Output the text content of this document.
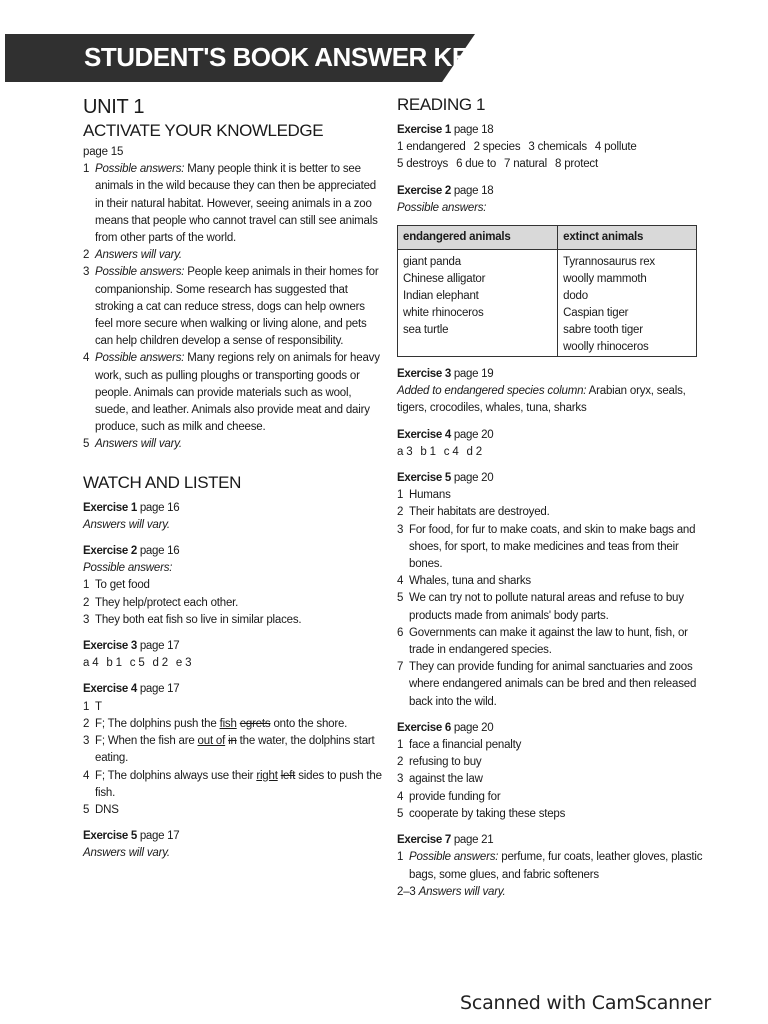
STUDENT'S BOOK ANSWER KEY
UNIT 1
ACTIVATE YOUR KNOWLEDGE
page 15
1 Possible answers: Many people think it is better to see animals in the wild because they can then be appreciated in their natural habitat. However, seeing animals in a zoo means that people who cannot travel can still see animals from other parts of the world.
2 Answers will vary.
3 Possible answers: People keep animals in their homes for companionship. Some research has suggested that stroking a cat can reduce stress, dogs can help owners feel more secure when walking or living alone, and pets can help children develop a sense of responsibility.
4 Possible answers: Many regions rely on animals for heavy work, such as pulling ploughs or transporting goods or people. Animals can provide materials such as wool, suede, and leather. Animals also provide meat and dairy produce, such as milk and cheese.
5 Answers will vary.
WATCH AND LISTEN
Exercise 1 page 16
Answers will vary.
Exercise 2 page 16
Possible answers:
1 To get food
2 They help/protect each other.
3 They both eat fish so live in similar places.
Exercise 3 page 17
a 4 b 1 c 5 d 2 e 3
Exercise 4 page 17
1 T
2 F; The dolphins push the fish egrets onto the shore.
3 F; When the fish are out of in the water, the dolphins start eating.
4 F; The dolphins always use their right left sides to push the fish.
5 DNS
Exercise 5 page 17
Answers will vary.
READING 1
Exercise 1 page 18
1 endangered 2 species 3 chemicals 4 pollute
5 destroys 6 due to 7 natural 8 protect
Exercise 2 page 18
Possible answers:
endangered animals	extinct animals
giant panda	Tyrannosaurus rex
Chinese alligator	woolly mammoth
Indian elephant	dodo
white rhinoceros	Caspian tiger
sea turtle	sabre tooth tiger
	woolly rhinoceros
Exercise 3 page 19
Added to endangered species column: Arabian oryx, seals, tigers, crocodiles, whales, tuna, sharks
Exercise 4 page 20
a 3 b 1 c 4 d 2
Exercise 5 page 20
1 Humans
2 Their habitats are destroyed.
3 For food, for fur to make coats, and skin to make bags and shoes, for sport, to make medicines and teas from their bones.
4 Whales, tuna and sharks
5 We can try not to pollute natural areas and refuse to buy products made from animals' body parts.
6 Governments can make it against the law to hunt, fish, or trade in endangered species.
7 They can provide funding for animal sanctuaries and zoos where endangered animals can be bred and then released back into the wild.
Exercise 6 page 20
1 face a financial penalty
2 refusing to buy
3 against the law
4 provide funding for
5 cooperate by taking these steps
Exercise 7 page 21
1 Possible answers: perfume, fur coats, leather gloves, plastic bags, some glues, and fabric softeners
2–3 Answers will vary.
Scanned with CamScanner
